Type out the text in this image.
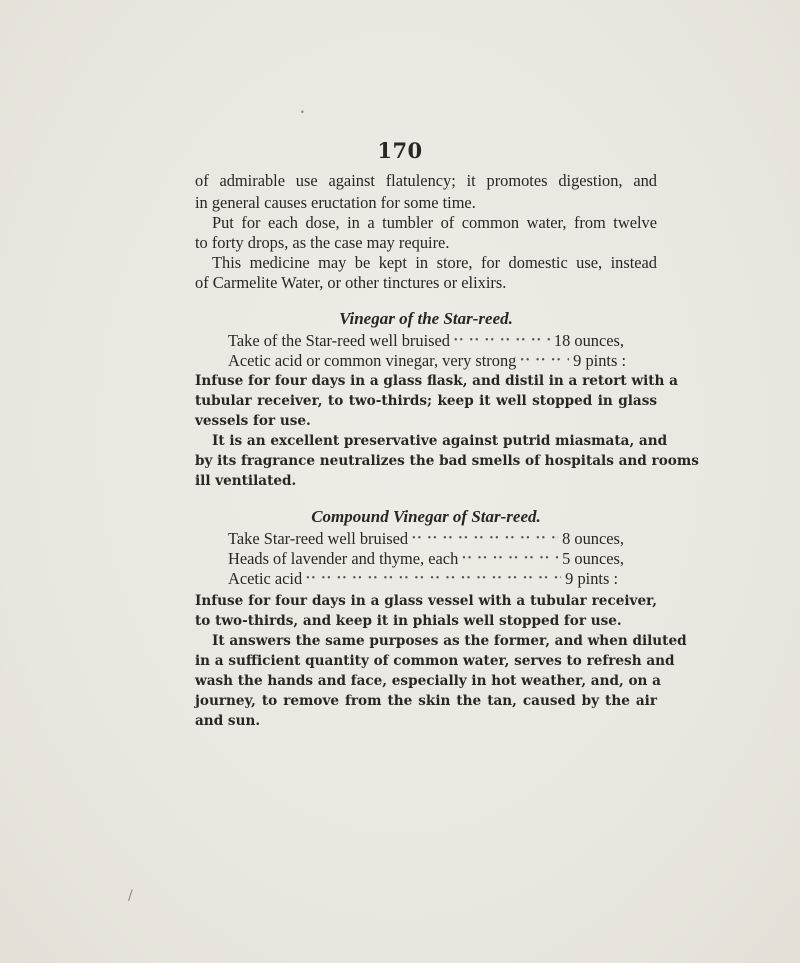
170
of admirable use against flatulency; it promotes digestion, and
in general causes eructation for some time.
Put for each dose, in a tumbler of common water, from twelve
to forty drops, as the case may require.
This medicine may be kept in store, for domestic use, instead
of Carmelite Water, or other tinctures or elixirs.
Vinegar of the Star-reed.
Take of the Star-reed well bruised •• ••	18 ounces,
Acetic acid or common vinegar, very strong •• ••	9 pints :
Infuse for four days in a glass flask, and distil in a retort with a
tubular receiver, to two-thirds; keep it well stopped in glass
vessels for use.
It is an excellent preservative against putrid miasmata, and
by its fragrance neutralizes the bad smells of hospitals and rooms
ill ventilated.
Compound Vinegar of Star-reed.
Take Star-reed well bruised •• ••	8 ounces,
Heads of lavender and thyme, each •• ••	5 ounces,
Acetic acid •• ••	9 pints :
Infuse for four days in a glass vessel with a tubular receiver,
to two-thirds, and keep it in phials well stopped for use.
It answers the same purposes as the former, and when diluted
in a sufficient quantity of common water, serves to refresh and
wash the hands and face, especially in hot weather, and, on a
journey, to remove from the skin the tan, caused by the air
and sun.
/
•
